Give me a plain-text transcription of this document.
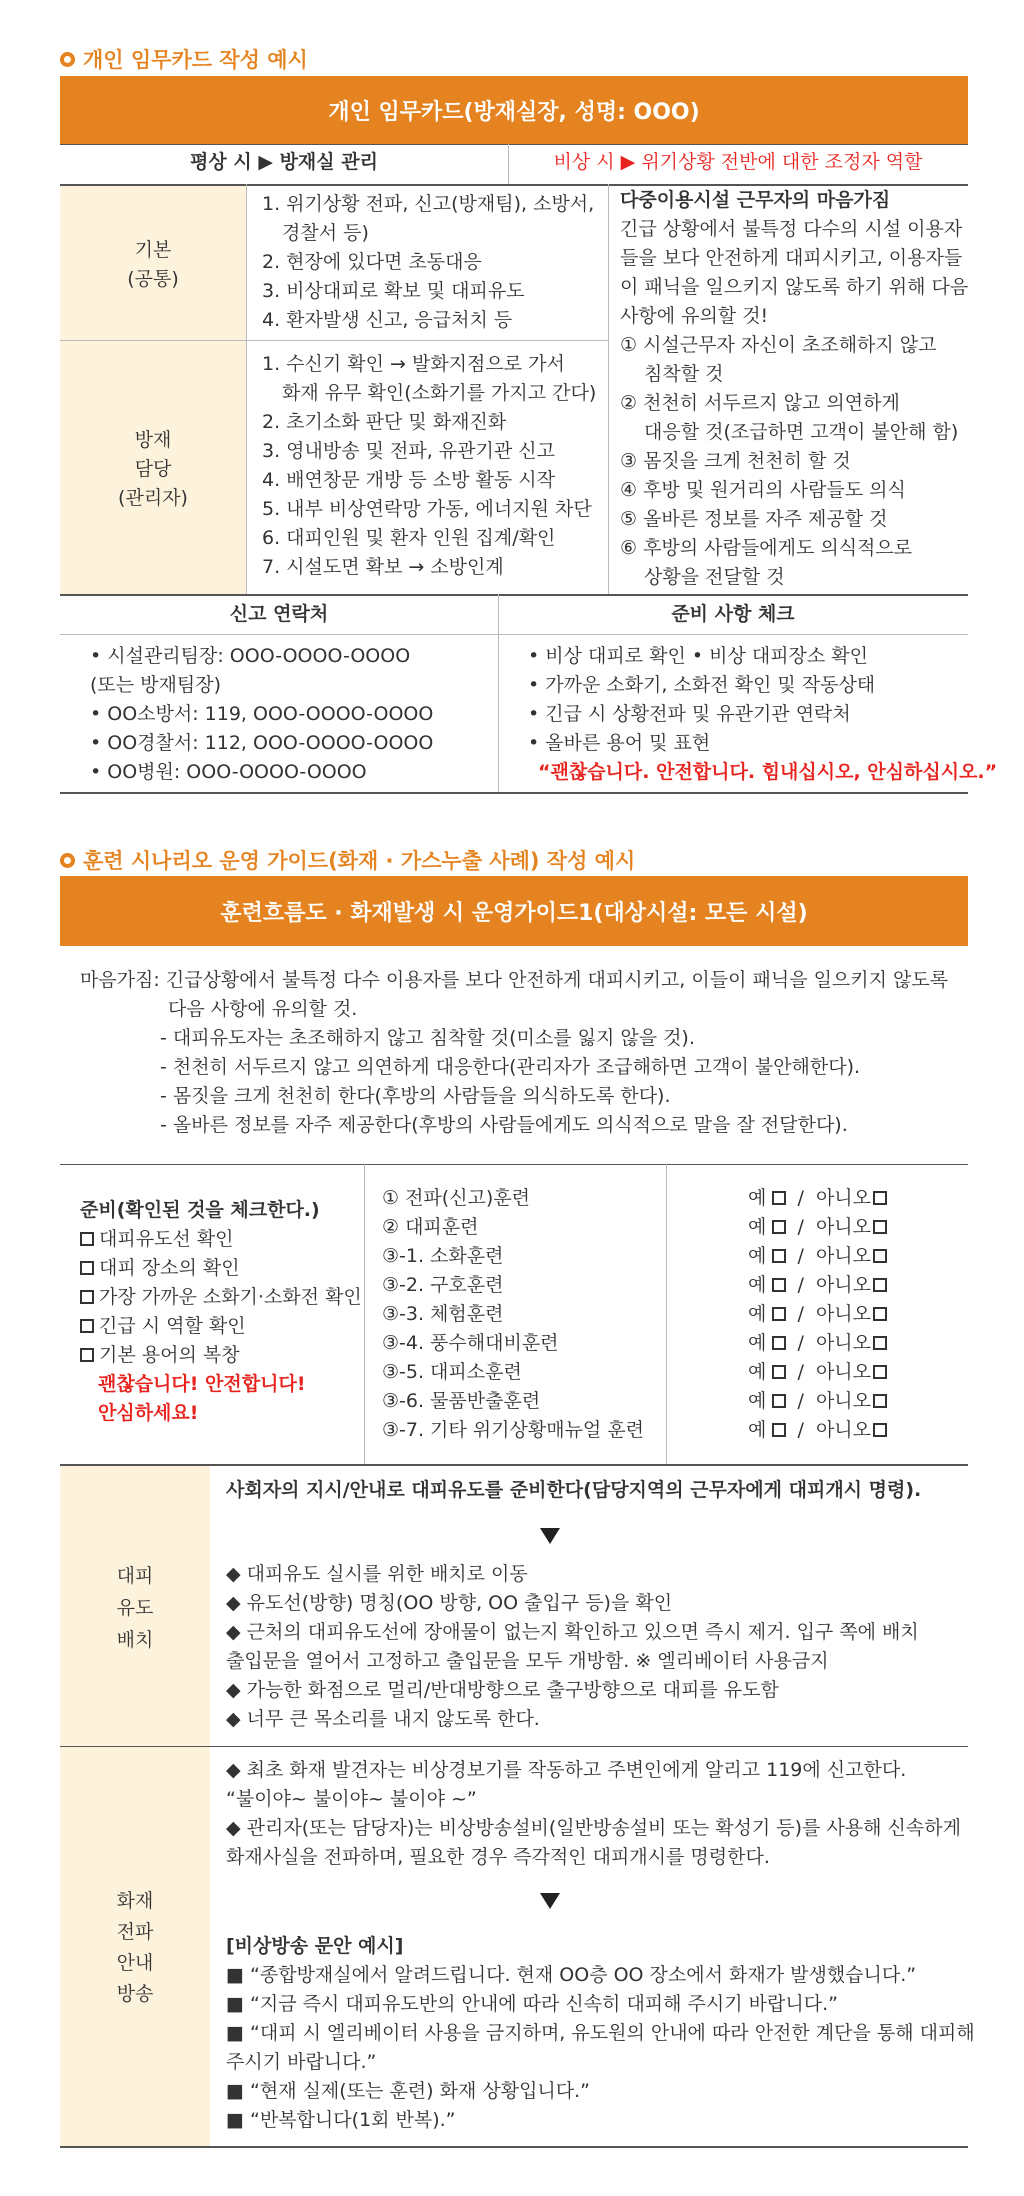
개인 임무카드 작성 예시
개인 임무카드(방재실장, 성명: OOO)
평상 시 ▶ 방재실 관리	비상 시 ▶ 위기상황 전반에 대한 조정자 역할
기본
(공통)
방재
담당
(관리자)
1. 위기상황 전파, 신고(방재팀), 소방서,
경찰서 등)
2. 현장에 있다면 초동대응
3. 비상대피로 확보 및 대피유도
4. 환자발생 신고, 응급처치 등
1. 수신기 확인 → 발화지점으로 가서
화재 유무 확인(소화기를 가지고 간다)
2. 초기소화 판단 및 화재진화
3. 영내방송 및 전파, 유관기관 신고
4. 배연창문 개방 등 소방 활동 시작
5. 내부 비상연락망 가동, 에너지원 차단
6. 대피인원 및 환자 인원 집계/확인
7. 시설도면 확보 → 소방인계
다중이용시설 근무자의 마음가짐
긴급 상황에서 불특정 다수의 시설 이용자
들을 보다 안전하게 대피시키고, 이용자들
이 패닉을 일으키지 않도록 하기 위해 다음
사항에 유의할 것!
① 시설근무자 자신이 초조해하지 않고
침착할 것
② 천천히 서두르지 않고 의연하게
대응할 것(조급하면 고객이 불안해 함)
③ 몸짓을 크게 천천히 할 것
④ 후방 및 원거리의 사람들도 의식
⑤ 올바른 정보를 자주 제공할 것
⑥ 후방의 사람들에게도 의식적으로
상황을 전달할 것
신고 연락처	준비 사항 체크
• 시설관리팀장: OOO-OOOO-OOOO
(또는 방재팀장)
• OO소방서: 119, OOO-OOOO-OOOO
• OO경찰서: 112, OOO-OOOO-OOOO
• OO병원: OOO-OOOO-OOOO
• 비상 대피로 확인 • 비상 대피장소 확인
• 가까운 소화기, 소화전 확인 및 작동상태
• 긴급 시 상황전파 및 유관기관 연락처
• 올바른 용어 및 표현
“괜찮습니다. 안전합니다. 힘내십시오, 안심하십시오.”
훈련 시나리오 운영 가이드(화재 · 가스누출 사례) 작성 예시
훈련흐름도 · 화재발생 시 운영가이드1(대상시설: 모든 시설)
마음가짐: 긴급상황에서 불특정 다수 이용자를 보다 안전하게 대피시키고, 이들이 패닉을 일으키지 않도록
다음 사항에 유의할 것.
- 대피유도자는 초조해하지 않고 침착할 것(미소를 잃지 않을 것).
- 천천히 서두르지 않고 의연하게 대응한다(관리자가 조급해하면 고객이 불안해한다).
- 몸짓을 크게 천천히 한다(후방의 사람들을 의식하도록 한다).
- 올바른 정보를 자주 제공한다(후방의 사람들에게도 의식적으로 말을 잘 전달한다).
준비(확인된 것을 체크한다.)
대피유도선 확인
대피 장소의 확인
가장 가까운 소화기·소화전 확인
긴급 시 역할 확인
기본 용어의 복창
괜찮습니다! 안전합니다!
안심하세요!
① 전파(신고)훈련
② 대피훈련
③-1. 소화훈련
③-2. 구호훈련
③-3. 체험훈련
③-4. 풍수해대비훈련
③-5. 대피소훈련
③-6. 물품반출훈련
③-7. 기타 위기상황매뉴얼 훈련
예 / 아니오
예 / 아니오
예 / 아니오
예 / 아니오
예 / 아니오
예 / 아니오
예 / 아니오
예 / 아니오
예 / 아니오
대피
유도
배치
사회자의 지시/안내로 대피유도를 준비한다(담당지역의 근무자에게 대피개시 명령).
◆ 대피유도 실시를 위한 배치로 이동
◆ 유도선(방향) 명칭(OO 방향, OO 출입구 등)을 확인
◆ 근처의 대피유도선에 장애물이 없는지 확인하고 있으면 즉시 제거. 입구 쪽에 배치
출입문을 열어서 고정하고 출입문을 모두 개방함. ※ 엘리베이터 사용금지
◆ 가능한 화점으로 멀리/반대방향으로 출구방향으로 대피를 유도함
◆ 너무 큰 목소리를 내지 않도록 한다.
화재
전파
안내
방송
◆ 최초 화재 발견자는 비상경보기를 작동하고 주변인에게 알리고 119에 신고한다.
“불이야~ 불이야~ 불이야 ~”
◆ 관리자(또는 담당자)는 비상방송설비(일반방송설비 또는 확성기 등)를 사용해 신속하게
화재사실을 전파하며, 필요한 경우 즉각적인 대피개시를 명령한다.
[비상방송 문안 예시]
■ “종합방재실에서 알려드립니다. 현재 OO층 OO 장소에서 화재가 발생했습니다.”
■ “지금 즉시 대피유도반의 안내에 따라 신속히 대피해 주시기 바랍니다.”
■ “대피 시 엘리베이터 사용을 금지하며, 유도원의 안내에 따라 안전한 계단을 통해 대피해
주시기 바랍니다.”
■ “현재 실제(또는 훈련) 화재 상황입니다.”
■ “반복합니다(1회 반복).”
